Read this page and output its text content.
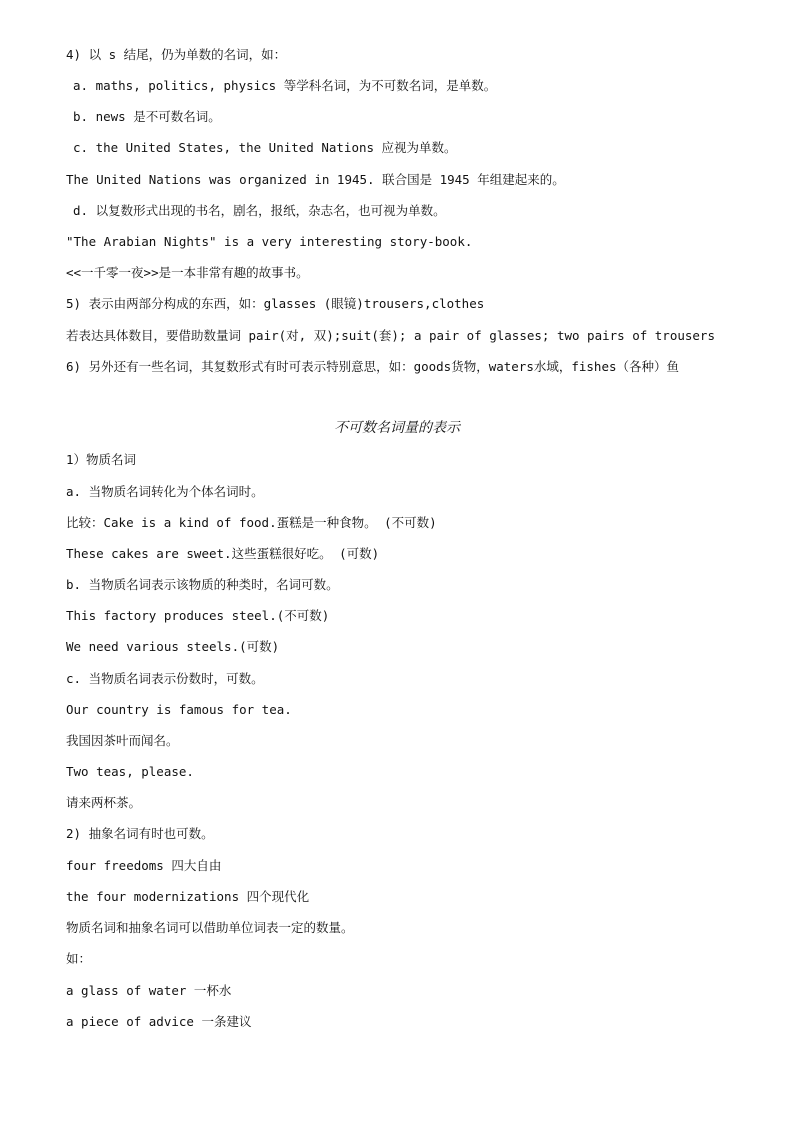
4) 以 s 结尾，仍为单数的名词，如：
a. maths, politics, physics 等学科名词，为不可数名词，是单数。
b. news 是不可数名词。
c. the United States, the United Nations 应视为单数。
The United Nations was organized in 1945. 联合国是 1945 年组建起来的。
d. 以复数形式出现的书名，剧名，报纸，杂志名，也可视为单数。
"The Arabian Nights" is a very interesting story-book.
<<一千零一夜>>是一本非常有趣的故事书。
5) 表示由两部分构成的东西，如：glasses (眼镜)trousers,clothes
若表达具体数目，要借助数量词 pair(对, 双);suit(套); a pair of glasses; two pairs of trousers
6) 另外还有一些名词，其复数形式有时可表示特别意思，如：goods货物，waters水域，fishes（各种）鱼
不可数名词量的表示
1）物质名词
a. 当物质名词转化为个体名词时。
比较：Cake is a kind of food.蛋糕是一种食物。 (不可数)
These cakes are sweet.这些蛋糕很好吃。 (可数)
b. 当物质名词表示该物质的种类时，名词可数。
This factory produces steel.(不可数)
We need various steels.(可数)
c. 当物质名词表示份数时，可数。
Our country is famous for tea.
我国因茶叶而闻名。
Two teas, please.
请来两杯茶。
2) 抽象名词有时也可数。
four freedoms 四大自由
the four modernizations 四个现代化
物质名词和抽象名词可以借助单位词表一定的数量。
如：
a glass of water 一杯水
a piece of advice 一条建议
